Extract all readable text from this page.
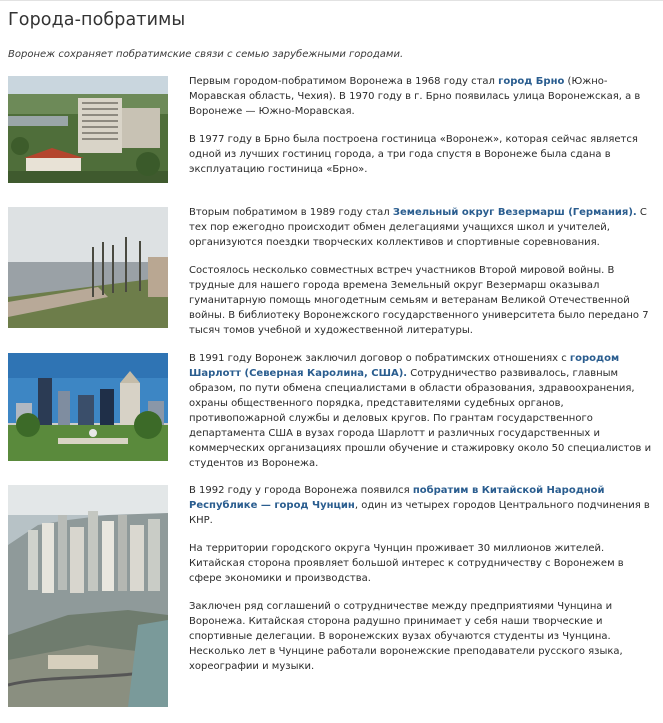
Города-побратимы

Воронеж сохраняет побратимские связи с семью зарубежными городами.

Первым городом-побратимом Воронежа в 1968 году стал город Брно (Южно-Моравская область, Чехия). В 1970 году в г. Брно появилась улица Воронежская, а в Воронеже — Южно-Моравская.

В 1977 году в Брно была построена гостиница «Воронеж», которая сейчас является одной из лучших гостиниц города, а три года спустя в Воронеже была сдана в эксплуатацию гостиница «Брно».

Вторым побратимом в 1989 году стал Земельный округ Везермарш (Германия). С тех пор ежегодно происходит обмен делегациями учащихся школ и учителей, организуются поездки творческих коллективов и спортивные соревнования.

Состоялось несколько совместных встреч участников Второй мировой войны. В трудные для нашего города времена Земельный округ Везермарш оказывал гуманитарную помощь многодетным семьям и ветеранам Великой Отечественной войны. В библиотеку Воронежского государственного университета было передано 7 тысяч томов учебной и художественной литературы.

В 1991 году Воронеж заключил договор о побратимских отношениях с городом Шарлотт (Северная Каролина, США). Сотрудничество развивалось, главным образом, по пути обмена специалистами в области образования, здравоохранения, охраны общественного порядка, представителями судебных органов, противопожарной службы и деловых кругов. По грантам государственного департамента США в вузах города Шарлотт и различных государственных и коммерческих организациях прошли обучение и стажировку около 50 специалистов и студентов из Воронежа.

В 1992 году у города Воронежа появился побратим в Китайской Народной Республике — город Чунцин, один из четырех городов Центрального подчинения в КНР.

На территории городского округа Чунцин проживает 30 миллионов жителей. Китайская сторона проявляет большой интерес к сотрудничеству с Воронежем в сфере экономики и производства.

Заключен ряд соглашений о сотрудничестве между предприятиями Чунцина и Воронежа. Китайская сторона радушно принимает у себя наши творческие и спортивные делегации. В воронежских вузах обучаются студенты из Чунцина. Несколько лет в Чунцине работали воронежские преподаватели русского языка, хореографии и музыки.
